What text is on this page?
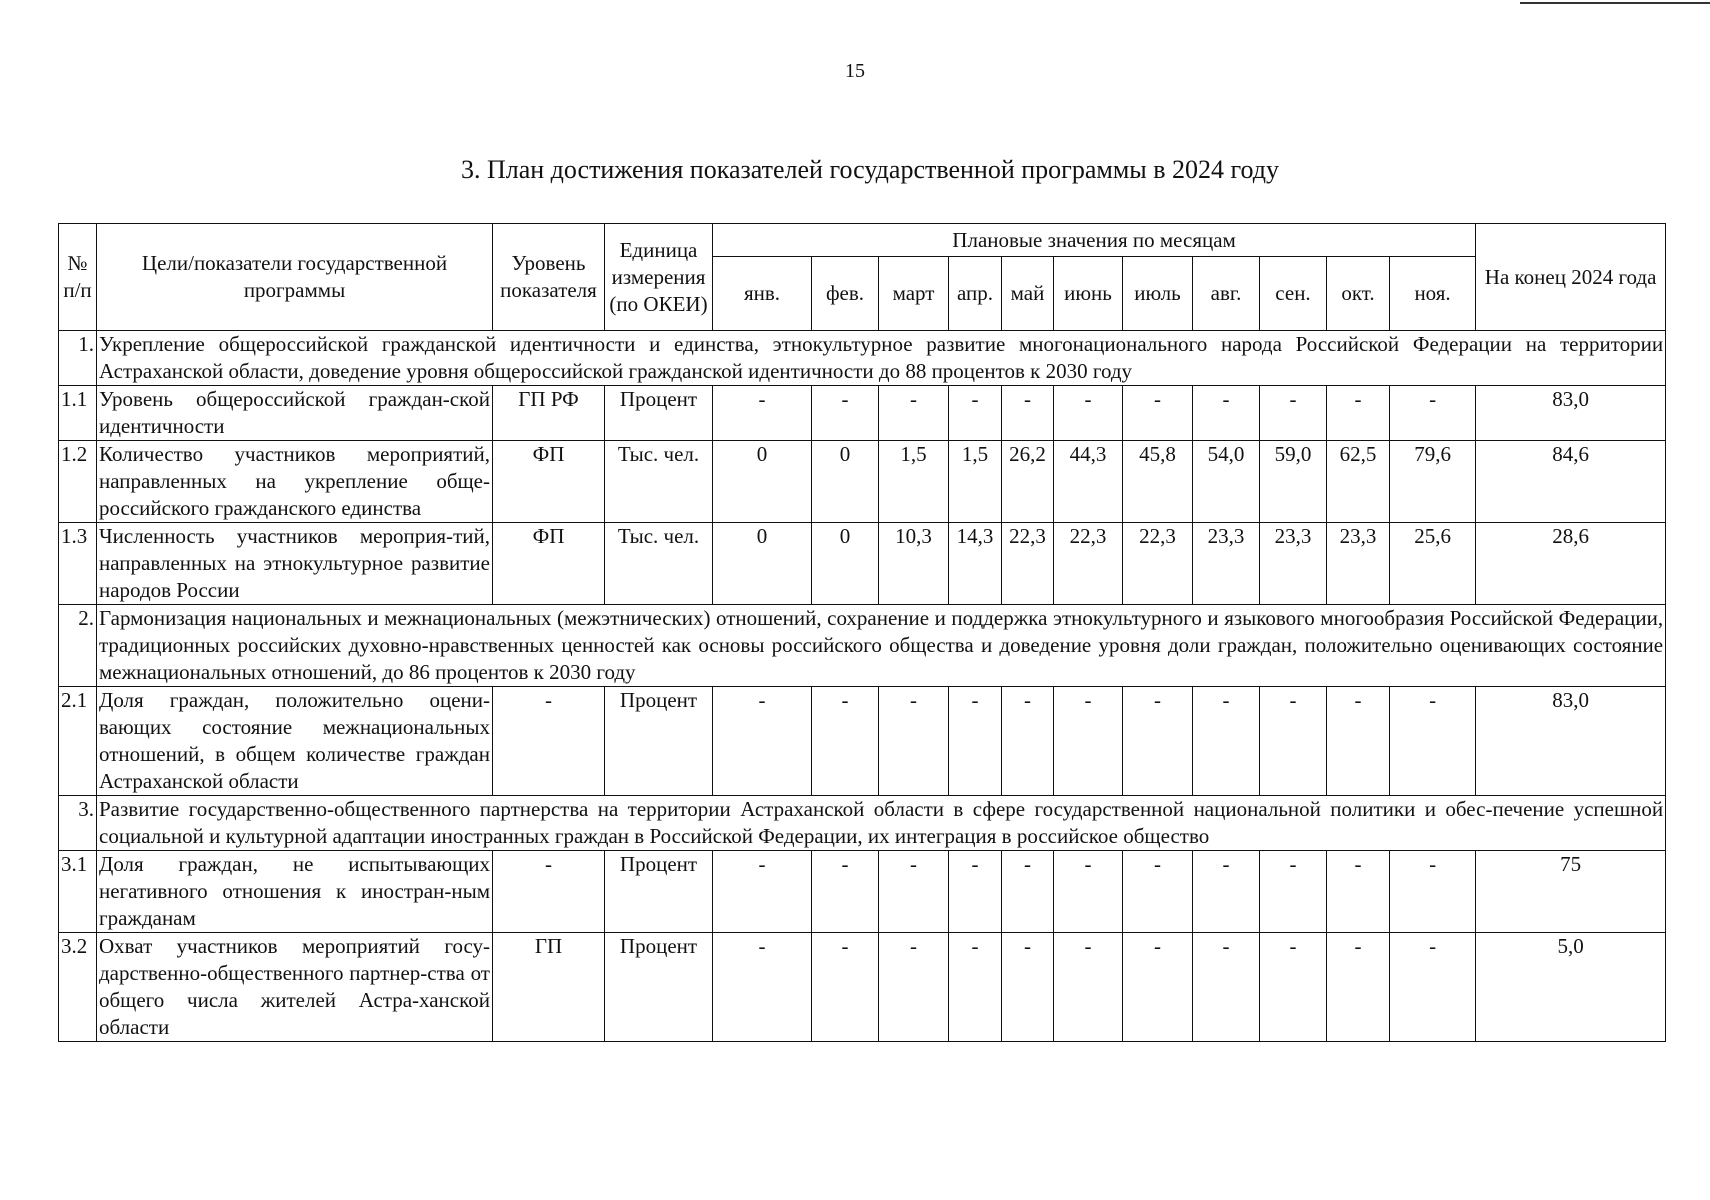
15
3. План достижения показателей государственной программы в 2024 году
№ п/п	Цели/показатели государственной программы	Уровень показателя	Единица измерения (по ОКЕИ)	Плановые значения по месяцам											На конец 2024 года
				янв.	фев.	март	апр.	май	июнь	июль	авг.	сен.	окт.	ноя.	
1.	Укрепление общероссийской гражданской идентичности и единства, этнокультурное развитие многонационального народа Российской Федерации на территории Астраханской области, доведение уровня общероссийской гражданской идентичности до 88 процентов к 2030 году														
1.1	Уровень общероссийской граждан-ской идентичности	ГП РФ	Процент	-	-	-	-	-	-	-	-	-	-	-	83,0
1.2	Количество участников мероприятий, направленных на укрепление обще-российского гражданского единства	ФП	Тыс. чел.	0	0	1,5	1,5	26,2	44,3	45,8	54,0	59,0	62,5	79,6	84,6
1.3	Численность участников мероприя-тий, направленных на этнокультурное развитие народов России	ФП	Тыс. чел.	0	0	10,3	14,3	22,3	22,3	22,3	23,3	23,3	23,3	25,6	28,6
2.	Гармонизация национальных и межнациональных (межэтнических) отношений, сохранение и поддержка этнокультурного и языкового многообразия Российской Федерации, традиционных российских духовно-нравственных ценностей как основы российского общества и доведение уровня доли граждан, положительно оценивающих состояние межнациональных отношений, до 86 процентов к 2030 году														
2.1	Доля граждан, положительно оцени-вающих состояние межнациональных отношений, в общем количестве граждан Астраханской области	-	Процент	-	-	-	-	-	-	-	-	-	-	-	83,0
3.	Развитие государственно-общественного партнерства на территории Астраханской области в сфере государственной национальной политики и обес-печение успешной социальной и культурной адаптации иностранных граждан в Российской Федерации, их интеграция в российское общество														
3.1	Доля граждан, не испытывающих негативного отношения к иностран-ным гражданам	-	Процент	-	-	-	-	-	-	-	-	-	-	-	75
3.2	Охват участников мероприятий госу-дарственно-общественного партнер-ства от общего числа жителей Астра-ханской области	ГП	Процент	-	-	-	-	-	-	-	-	-	-	-	5,0
